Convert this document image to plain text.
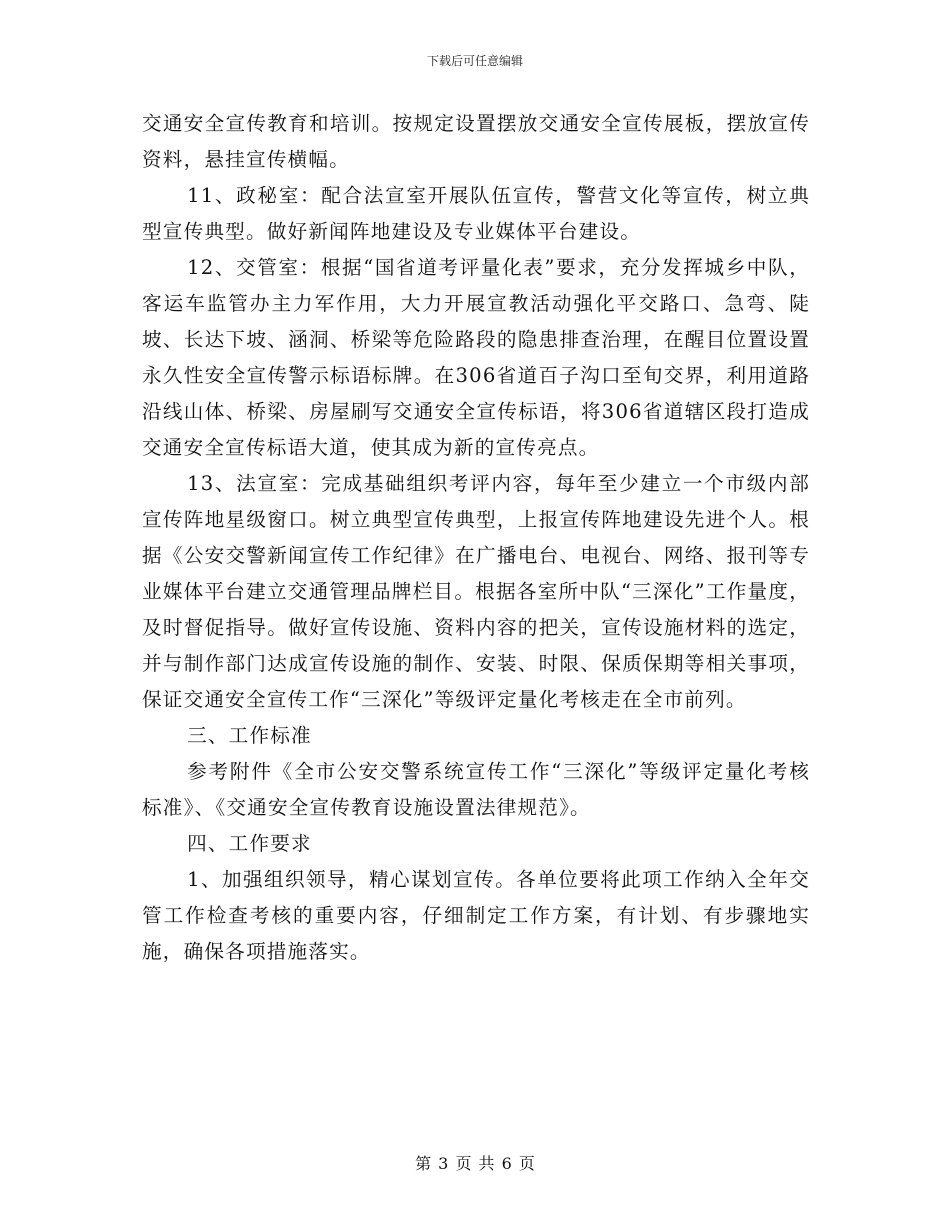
下载后可任意编辑

交通安全宣传教育和培训。按规定设置摆放交通安全宣传展板，摆放宣传资料，悬挂宣传横幅。

11、政秘室：配合法宣室开展队伍宣传，警营文化等宣传，树立典型宣传典型。做好新闻阵地建设及专业媒体平台建设。

12、交管室：根据“国省道考评量化表”要求，充分发挥城乡中队，客运车监管办主力军作用，大力开展宣教活动强化平交路口、急弯、陡坡、长达下坡、涵洞、桥梁等危险路段的隐患排查治理，在醒目位置设置永久性安全宣传警示标语标牌。在306省道百子沟口至旬交界，利用道路沿线山体、桥梁、房屋刷写交通安全宣传标语，将306省道辖区段打造成交通安全宣传标语大道，使其成为新的宣传亮点。

13、法宣室：完成基础组织考评内容，每年至少建立一个市级内部宣传阵地星级窗口。树立典型宣传典型，上报宣传阵地建设先进个人。根据《公安交警新闻宣传工作纪律》在广播电台、电视台、网络、报刊等专业媒体平台建立交通管理品牌栏目。根据各室所中队“三深化”工作量度，及时督促指导。做好宣传设施、资料内容的把关，宣传设施材料的选定，并与制作部门达成宣传设施的制作、安装、时限、保质保期等相关事项，保证交通安全宣传工作“三深化”等级评定量化考核走在全市前列。

三、工作标准

参考附件《全市公安交警系统宣传工作“三深化”等级评定量化考核标准》、《交通安全宣传教育设施设置法律规范》。

四、工作要求

1、加强组织领导，精心谋划宣传。各单位要将此项工作纳入全年交管工作检查考核的重要内容，仔细制定工作方案，有计划、有步骤地实施，确保各项措施落实。

第 3 页 共 6 页
